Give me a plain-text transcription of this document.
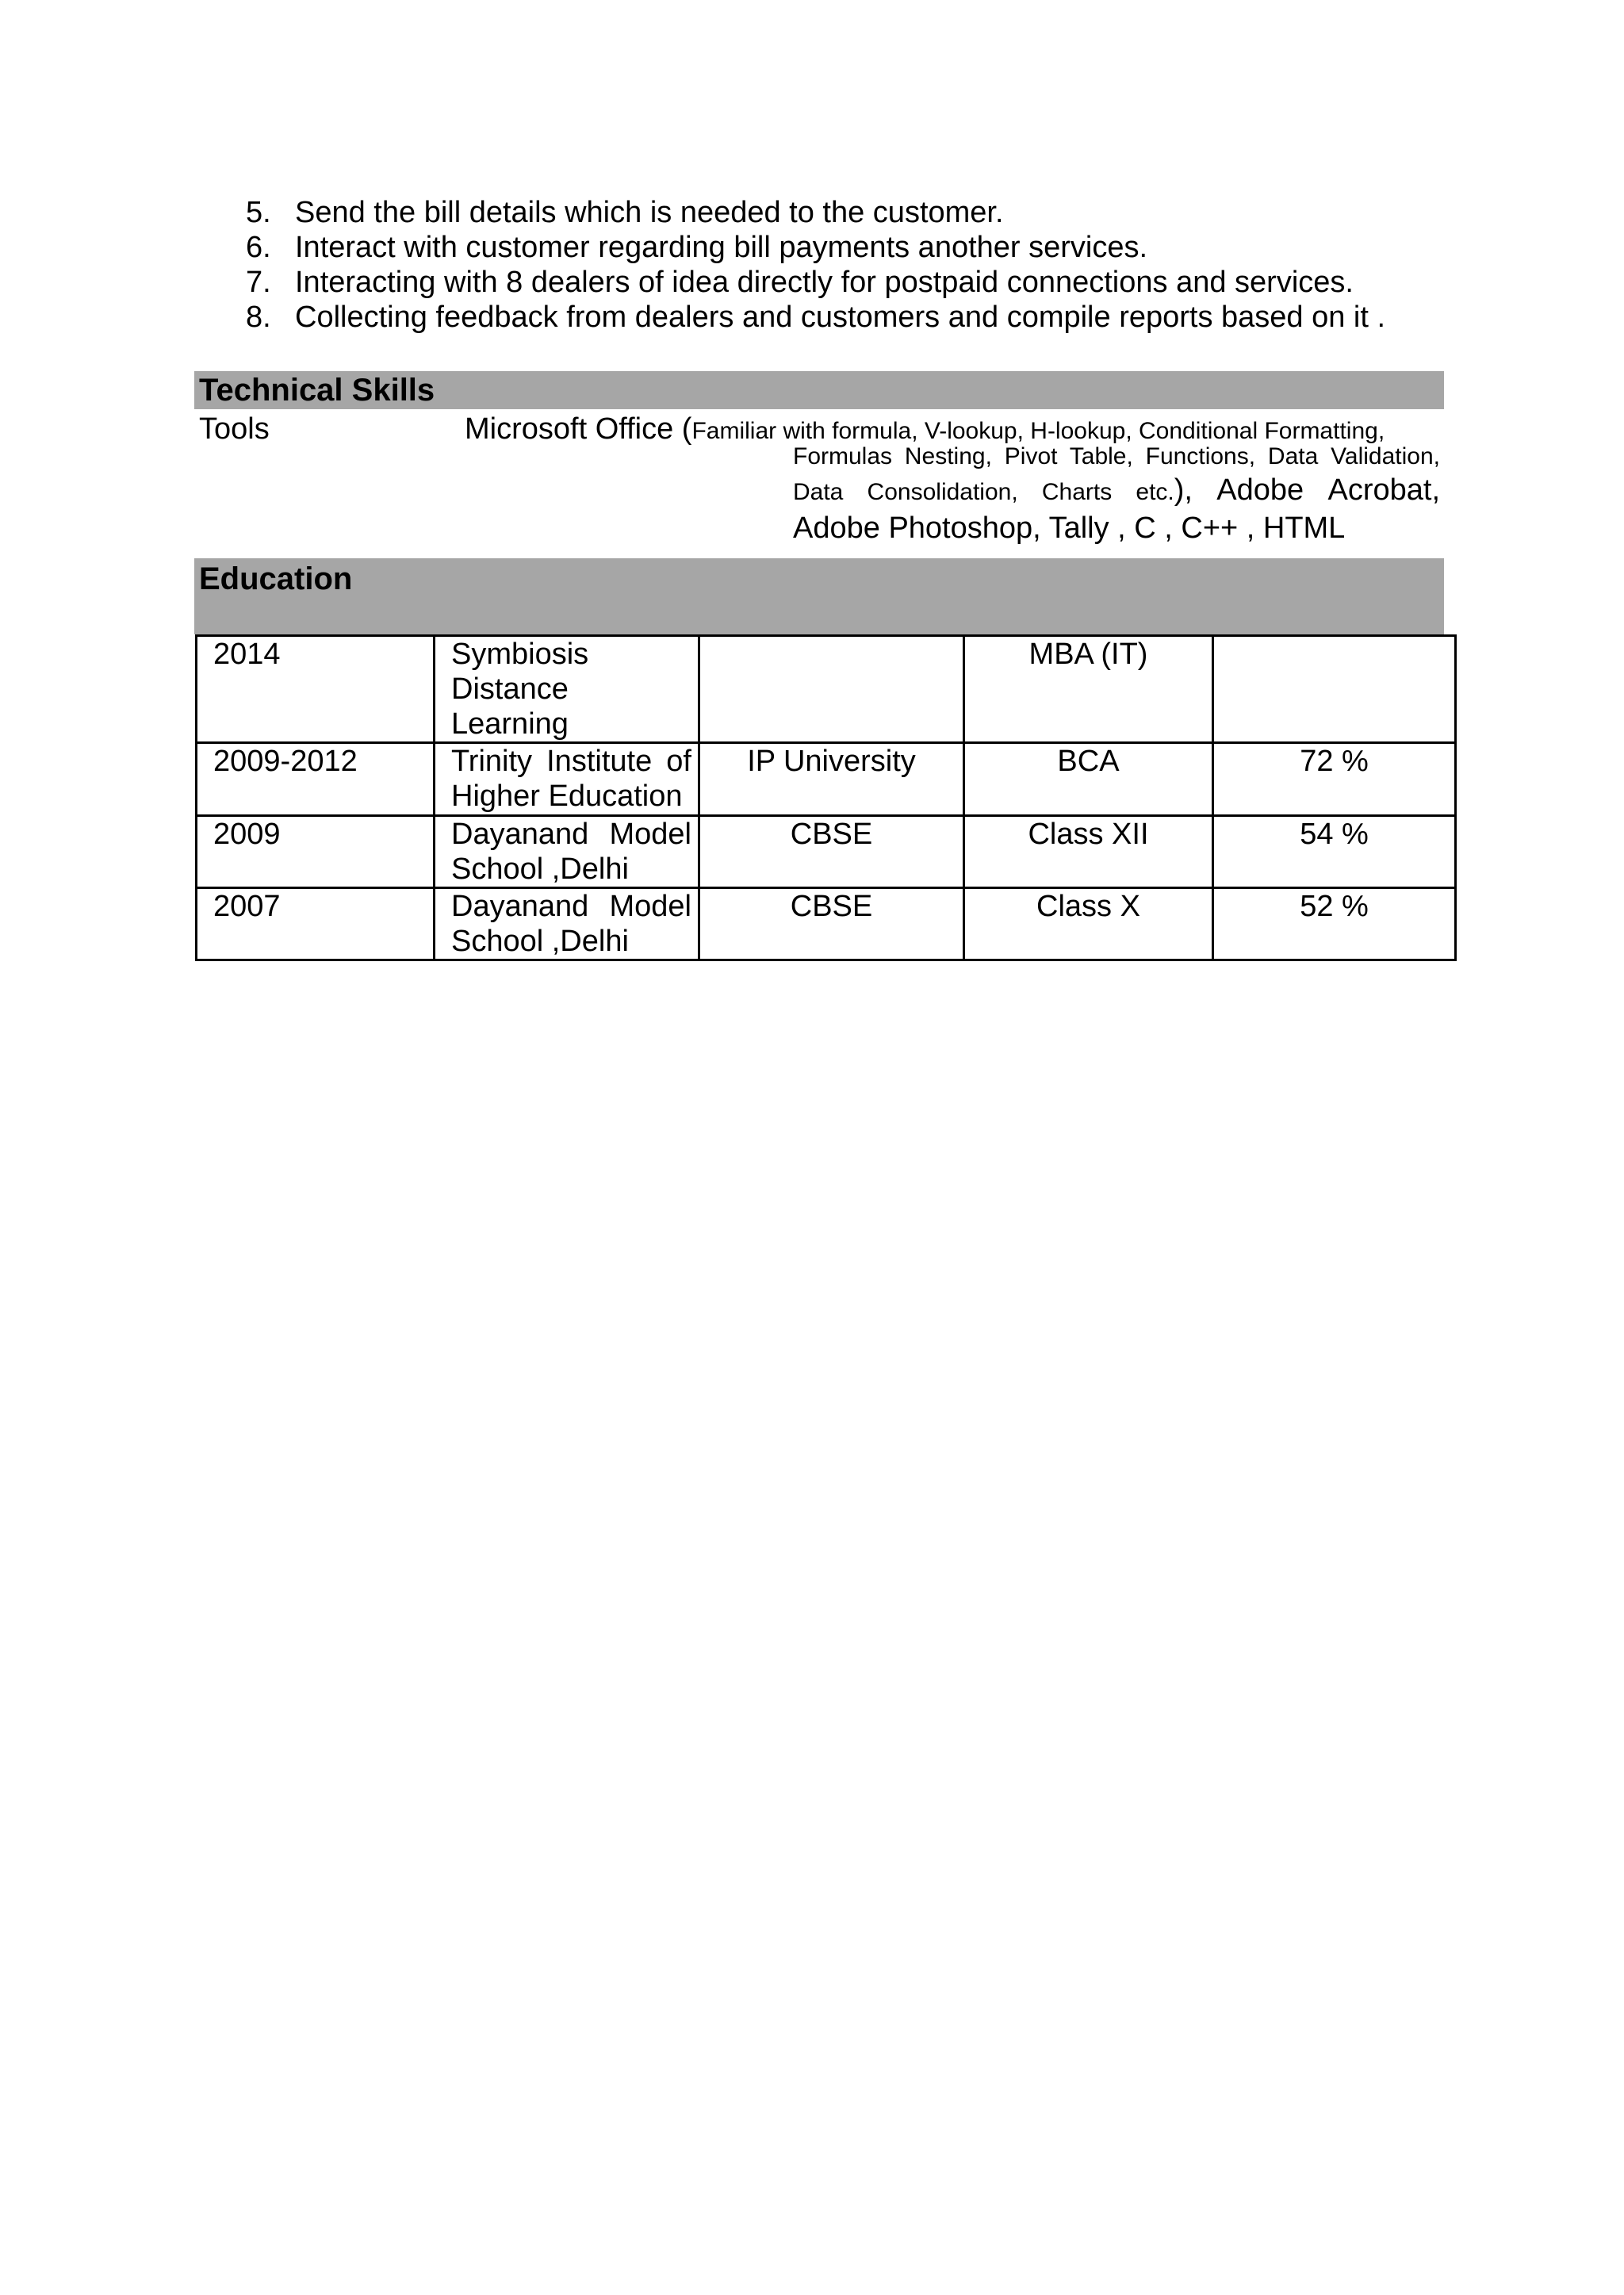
5. Send the bill details which is needed to the customer.
6. Interact with customer regarding bill payments another services.
7. Interacting with 8 dealers of idea directly for postpaid connections and services.
8. Collecting feedback from dealers and customers and compile reports based on it .
Technical Skills
Tools	Microsoft Office (Familiar with formula, V-lookup, H-lookup, Conditional Formatting,
Formulas Nesting, Pivot Table, Functions, Data Validation,
Data Consolidation, Charts etc.), Adobe Acrobat,
Adobe Photoshop, Tally , C , C++ , HTML
Education
2014	Symbiosis Distance Learning		MBA (IT)	
2009-2012	Trinity Institute of Higher Education	IP University	BCA	72 %
2009	Dayanand Model School ,Delhi	CBSE	Class XII	54 %
2007	Dayanand Model School ,Delhi	CBSE	Class X	52 %
